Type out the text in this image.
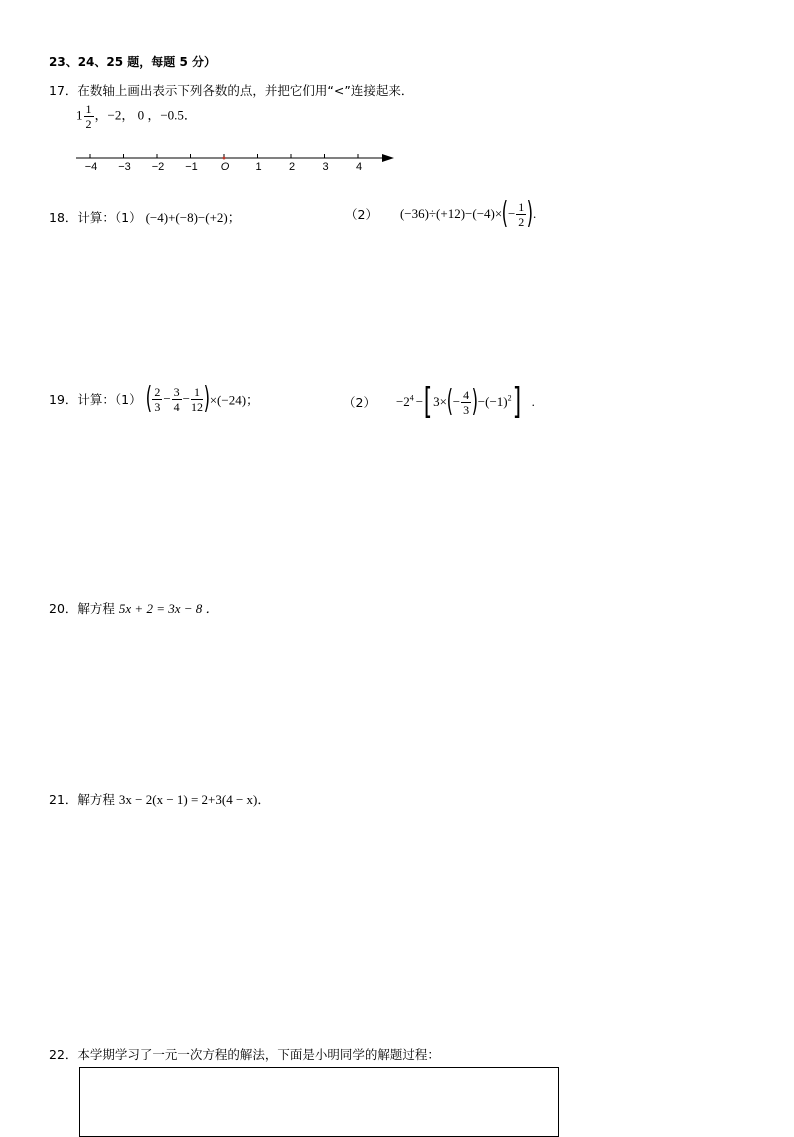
23、24、25 题，每题 5 分）
17．在数轴上画出表示下列各数的点，并把它们用“<”连接起来．
$1 \frac{1}{2}$ ，−2， 0 ，−0.5．
−4 −3 −2 −1	O	1	2	3	4
18．计算：（1） (−4)+(−8)−(+2)；	（2） $(-36)\div(+12)-(-4)\times(- \frac{1}{2}$ ).
19．计算：（1） ( $\frac{2}{3} - \frac{3}{4} - \frac{1}{12} )\times(-24)$；	$(2) -2^4 -[3\times(- \frac{4}{3} )-(-1)^2]$ .
20．解方程 5x + 2 = 3x − 8 ．
21．解方程 3x − 2(x − 1) = 2+3(4 − x)．
22．本学期学习了一元一次方程的解法，下面是小明同学的解题过程：
